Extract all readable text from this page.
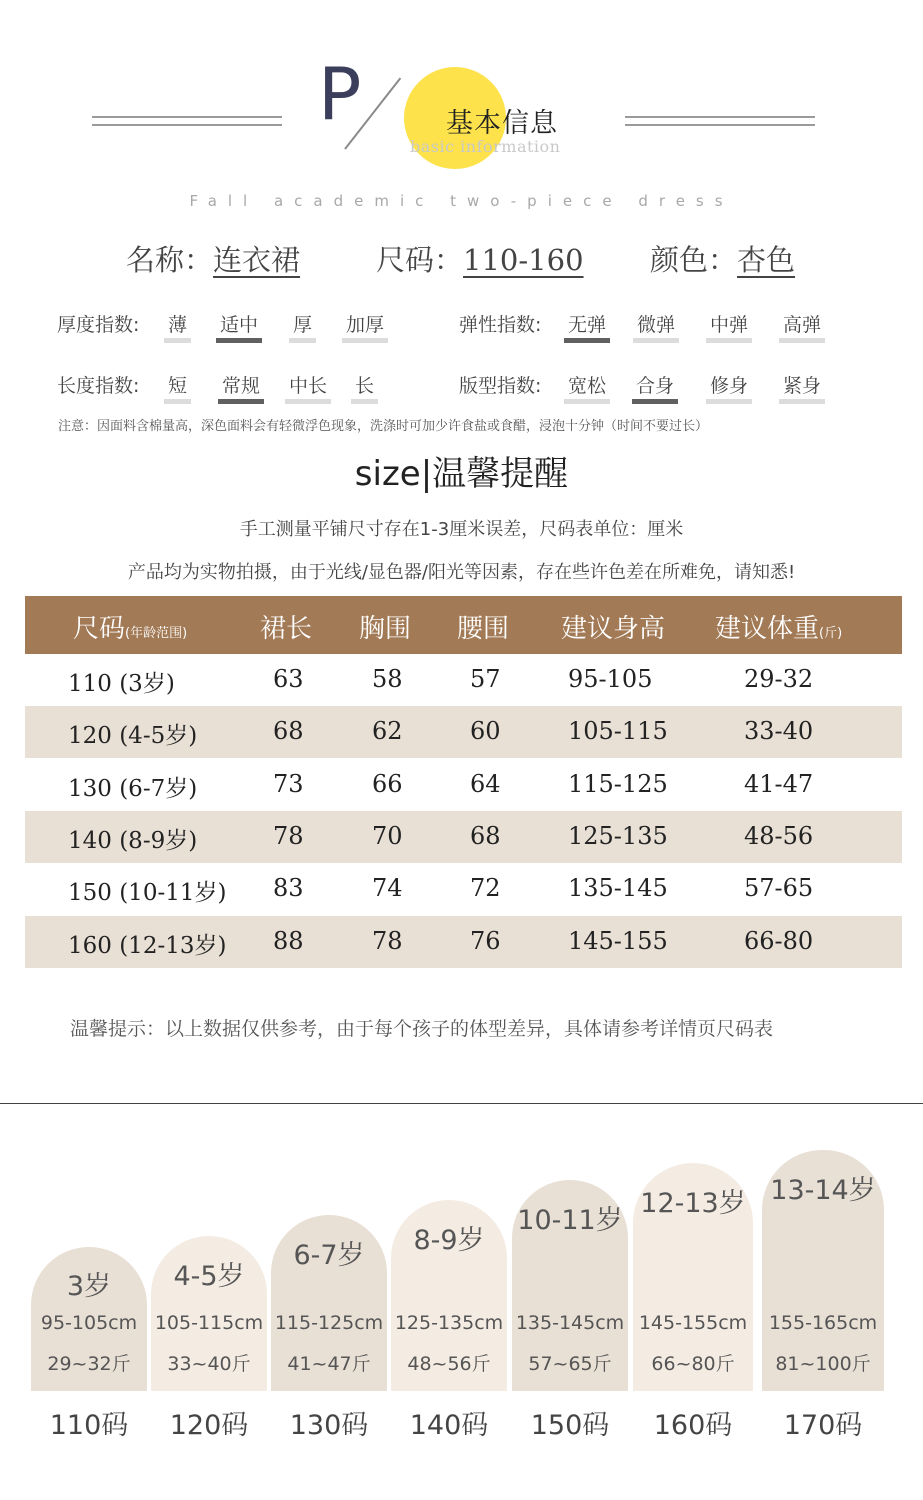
P	基本信息
basic information
Fall academic two-piece dress
名称：连衣裙	尺码：110-160 颜色：杏色
厚度指数: 薄 适中 厚 加厚	弹性指数: 无弹 微弹 中弹 高弹
长度指数: 短 常规 中长 长	版型指数: 宽松 合身 修身 紧身
注意：因面料含棉量高，深色面料会有轻微浮色现象，洗涤时可加少许食盐或食醋，浸泡十分钟（时间不要过长）
size|温馨提醒
手工测量平铺尺寸存在1-3厘米误差，尺码表单位：厘米
产品均为实物拍摄，由于光线/显色器/阳光等因素，存在些许色差在所难免，请知悉!
尺码(年龄范围)	裙长 胸围 腰围 建议身高 建议体重(斤)
110 (3岁)	63	58	57	95-105	29-32
120 (4-5岁)	68	62	60	105-115	33-40
130 (6-7岁)	73	66	64	115-125	41-47
140 (8-9岁)	78	70	68	125-135	48-56
150 (10-11岁) 83	74	72	135-145	57-65
160 (12-13岁) 88	78	76	145-155	66-80
温馨提示：以上数据仅供参考，由于每个孩子的体型差异，具体请参考详情页尺码表
3岁
95-105cm
29~32斤
110码
4-5岁
105-115cm
33~40斤
120码
6-7岁
115-125cm
41~47斤
130码
8-9岁
125-135cm
48~56斤
140码
10-11岁
135-145cm
57~65斤
150码
12-13岁
145-155cm
66~80斤
160码
13-14岁
155-165cm
81~100斤
170码
